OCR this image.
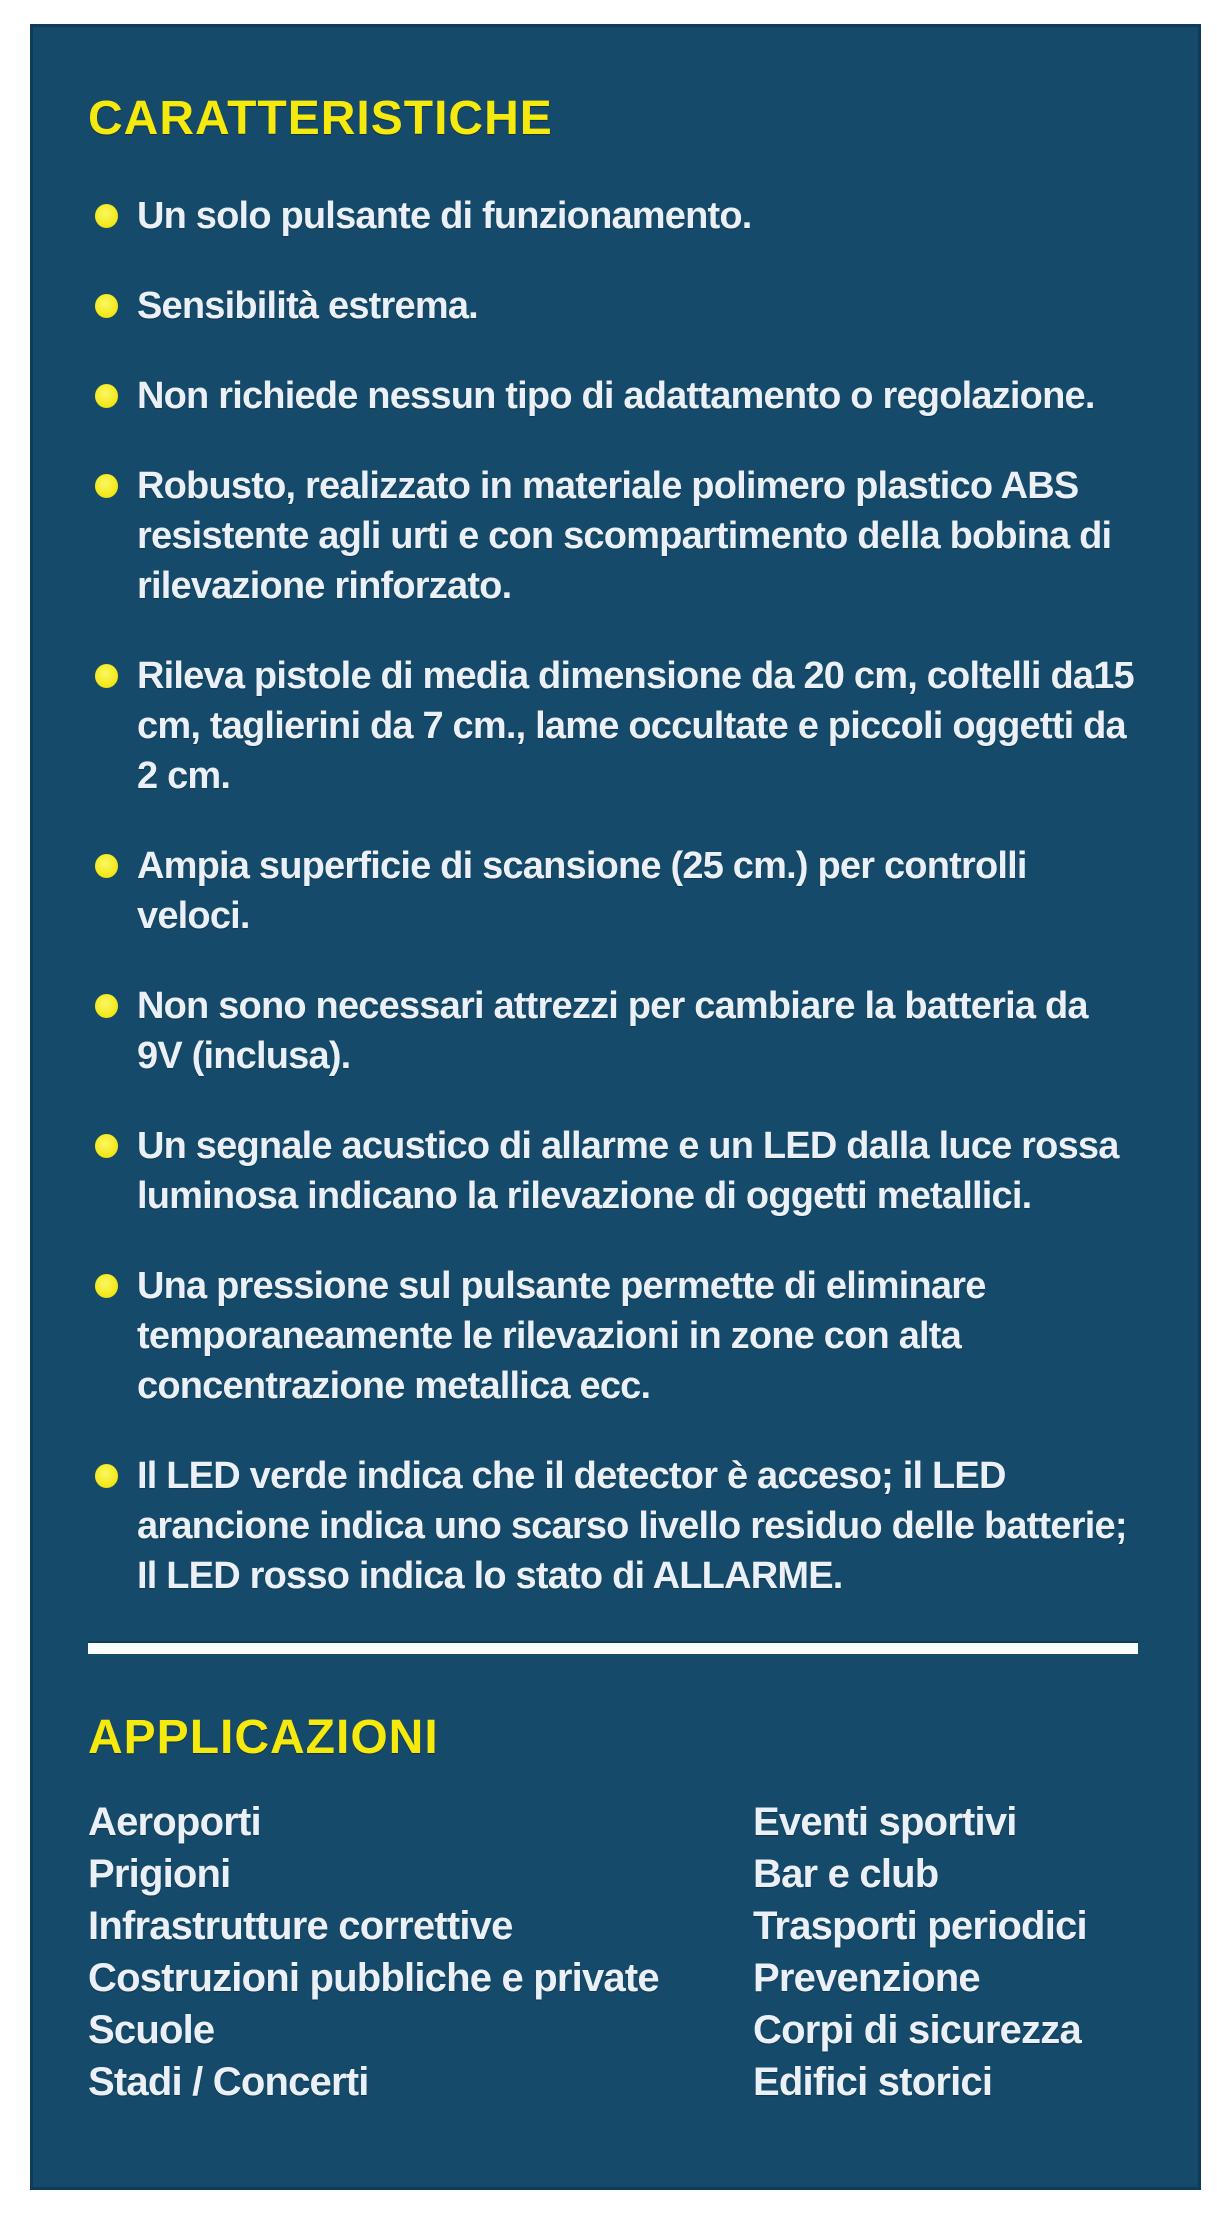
CARATTERISTICHE
Un solo pulsante di funzionamento.
Sensibilità estrema.
Non richiede nessun tipo di adattamento o regolazione.
Robusto, realizzato in materiale polimero plastico ABS resistente agli urti e con scompartimento della bobina di rilevazione rinforzato.
Rileva pistole di media dimensione da 20 cm, coltelli da15 cm, taglierini da 7 cm., lame occultate e piccoli oggetti da 2 cm.
Ampia superficie di scansione (25 cm.) per controlli veloci.
Non sono necessari attrezzi per cambiare la batteria da 9V (inclusa).
Un segnale acustico di allarme e un LED dalla luce rossa luminosa indicano la rilevazione di oggetti metallici.
Una pressione sul pulsante permette di eliminare temporaneamente le rilevazioni in zone con alta concentrazione metallica ecc.
Il LED verde indica che il detector è acceso; il LED arancione indica uno scarso livello residuo delle batterie; Il LED rosso indica lo stato di ALLARME.
APPLICAZIONI
Aeroporti
Prigioni
Infrastrutture correttive
Costruzioni pubbliche e private
Scuole
Stadi / Concerti
Eventi sportivi
Bar e club
Trasporti periodici
Prevenzione
Corpi di sicurezza
Edifici storici
